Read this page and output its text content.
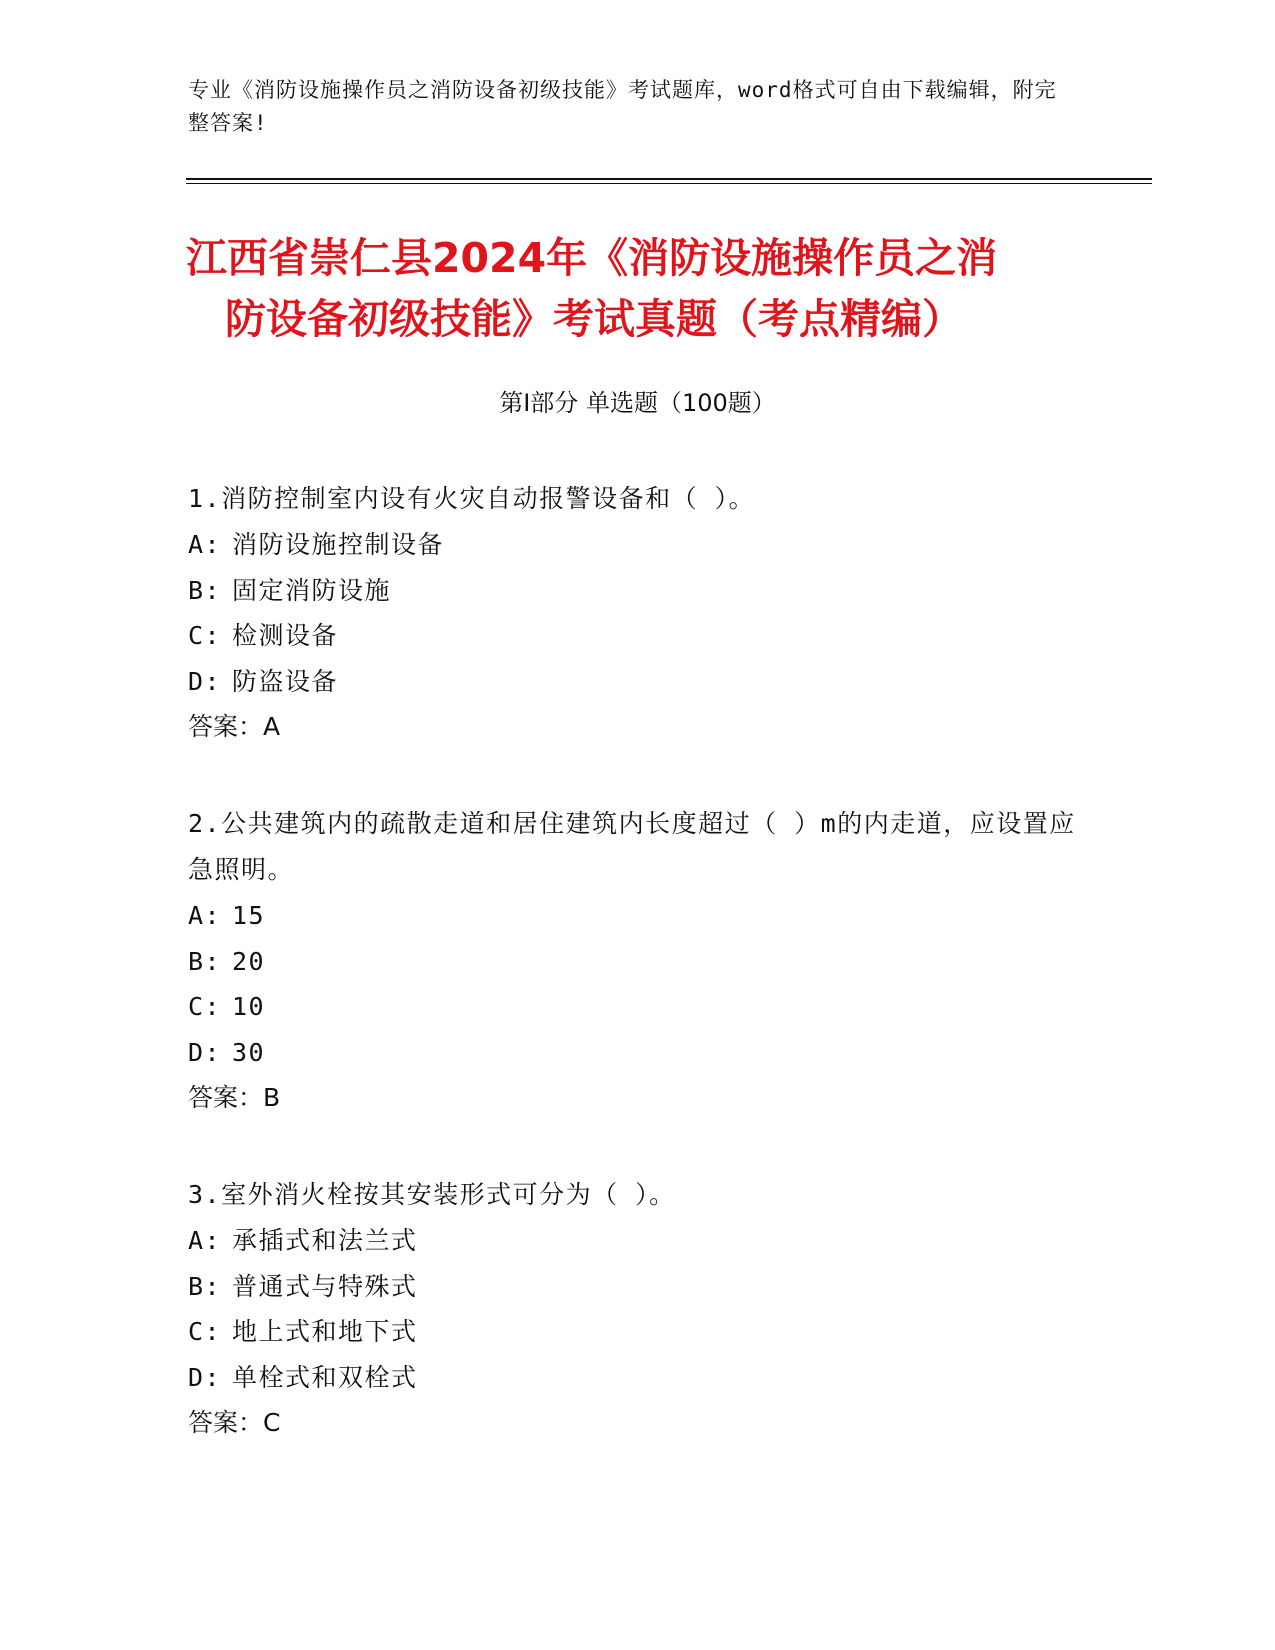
专业《消防设施操作员之消防设备初级技能》考试题库，word格式可自由下载编辑，附完整答案!
江西省崇仁县2024年《消防设施操作员之消
防设备初级技能》考试真题（考点精编）
第Ⅰ部分 单选题（100题）

1.消防控制室内设有火灾自动报警设备和（ ）。

A: 消防设施控制设备

B: 固定消防设施

C: 检测设备

D: 防盗设备

答案：A

2.公共建筑内的疏散走道和居住建筑内长度超过（ ）m的内走道，应设置应急照明。

A: 15

B: 20

C: 10

D: 30

答案：B

3.室外消火栓按其安装形式可分为（ ）。

A: 承插式和法兰式

B: 普通式与特殊式

C: 地上式和地下式

D: 单栓式和双栓式

答案：C
